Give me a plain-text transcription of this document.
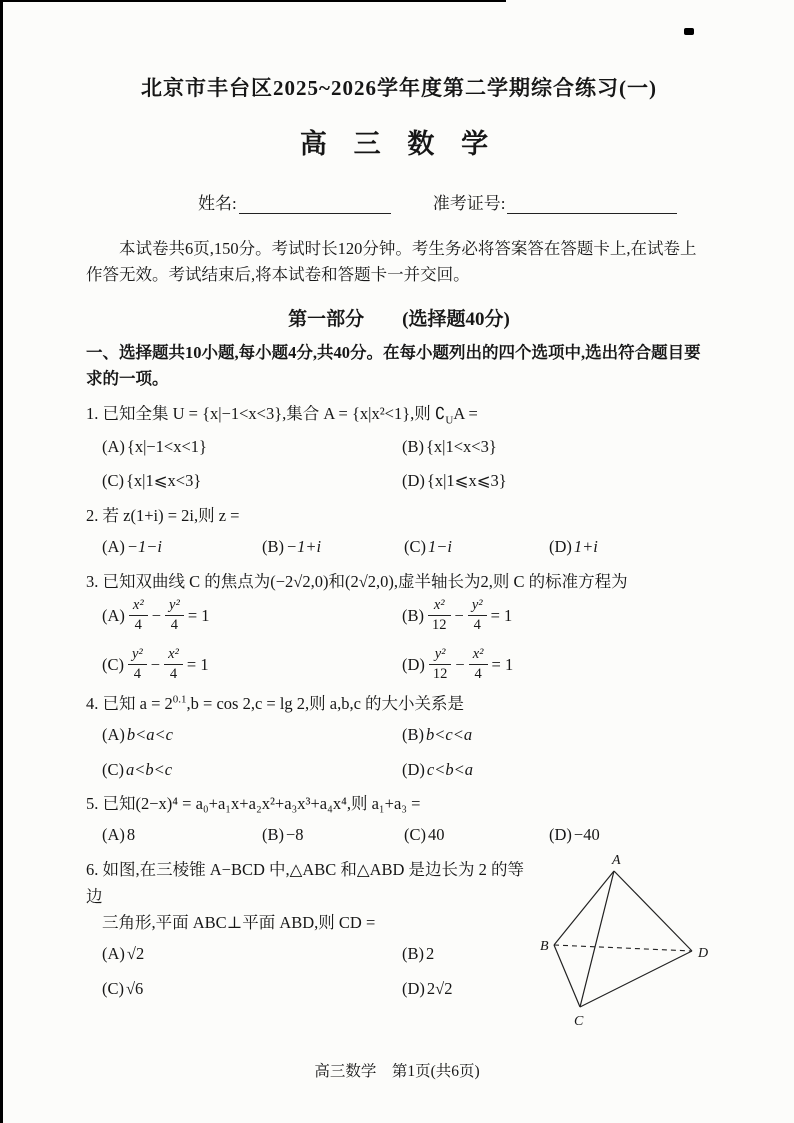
北京市丰台区2025~2026学年度第二学期综合练习(一)
高 三 数 学
姓名:	准考证号:

本试卷共6页,150分。考试时长120分钟。考生务必将答案答在答题卡上,在试卷上作答无效。考试结束后,将本试卷和答题卡一并交回。

第一部分　　(选择题40分)

一、选择题共10小题,每小题4分,共40分。在每小题列出的四个选项中,选出符合题目要求的一项。

1. 已知全集 U = {x|−1<x<3},集合 A = {x|x²<1},则 $∁_UA$ =
(A) {x|−1<x<1}	(B) {x|1<x<3}
(C) {x|1⩽x<3}	(D) {x|1⩽x⩽3}
2. 若 z(1+i) = 2i,则 z =
(A) −1−i	(B) −1+i	(C) 1−i	(D) 1+i
3. 已知双曲线 C 的焦点为(−2√2,0)和(2√2,0),虚半轴长为2,则 C 的标准方程为
$(A) \frac{\text{x²}}{4} - \frac{\text{y²}}{4} = 1$	$(B) \frac{\text{x²}}{12} - \frac{\text{y²}}{4} = 1$
$(C) \frac{\text{y²}}{4} - \frac{\text{x²}}{4} = 1$	$(D) \frac{\text{y²}}{12} - \frac{\text{x²}}{4} = 1$
4. 已知 $a = 2^{0.1},b = \cos 2,c = \lg 2$,则 a,b,c 的大小关系是
(A) b<a<c	(B) b<c<a
(C) a<b<c	(D) c<b<a
5. 已知(2−x)⁴ = a₀+a₁x+a₂x²+a₃x³+a₄x⁴,则 a₁+a₃ =
(A) 8	(B) −8	(C) 40	(D) −40
6. 如图,在三棱锥 A−BCD 中,△ABC 和△ABD 是边长为 2 的等边
三角形,平面 ABC⊥平面 ABD,则 CD =
(A) √2	(B) 2
(C) √6	(D) 2√2
A
B
C
D
高三数学　第1页(共6页)
